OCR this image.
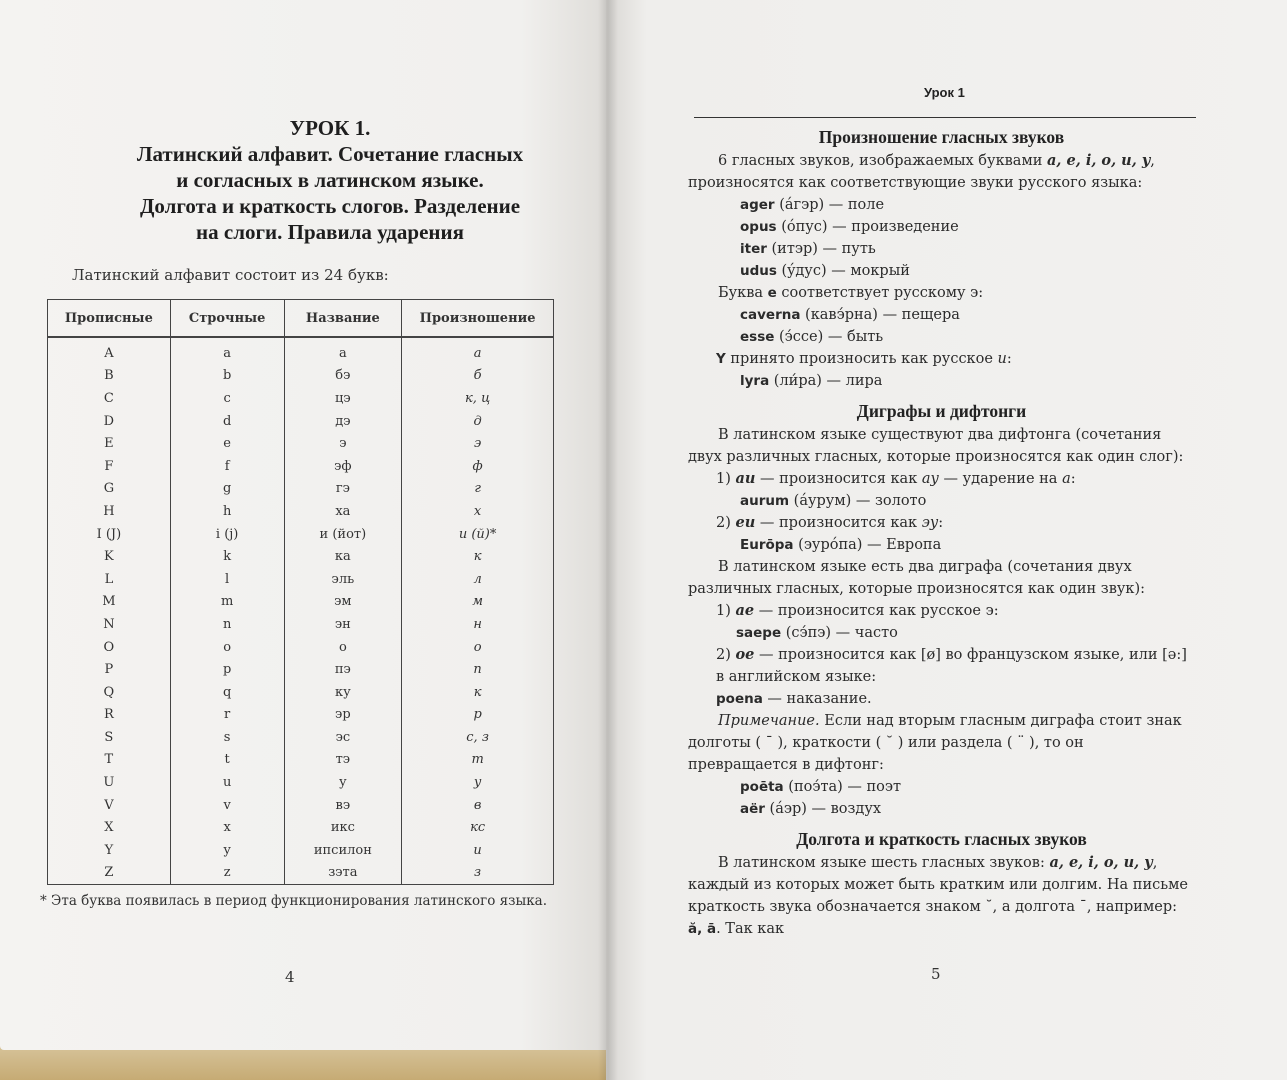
УРОК 1.
Латинский алфавит. Сочетание гласных
и согласных в латинском языке.
Долгота и краткость слогов. Разделение
на слоги. Правила ударения
Латинский алфавит состоит из 24 букв:
Прописные	Строчные	Название	Произношение
A	a	а	а
B	b	бэ	б
C	c	цэ	к, ц
D	d	дэ	д
E	e	э	э
F	f	эф	ф
G	g	гэ	г
H	h	ха	х
I (J)	i (j)	и (йот)	и (й)*
K	k	ка	к
L	l	эль	л
M	m	эм	м
N	n	эн	н
O	o	о	о
P	p	пэ	п
Q	q	ку	к
R	r	эр	р
S	s	эс	с, з
T	t	тэ	т
U	u	у	у
V	v	вэ	в
X	x	икс	кс
Y	y	ипсилон	и
Z	z	зэта	з
* Эта буква появилась в период функционирования латинского языка.
4
Урок 1
Произношение гласных звуков

6 гласных звуков, изображаемых буквами a, e, i, o, u, y, произносятся как соответствующие звуки русского языка:

ager (áгэр) — поле

opus (óпус) — произведение

iter (итэр) — путь

udus (ýдус) — мокрый

Буква e соответствует русскому э:

caverna (кавэ́рна) — пещера

esse (э́ссе) — быть

Y принято произносить как русское и:

lyra (ли́ра) — лира

Диграфы и дифтонги

В латинском языке существуют два дифтонга (сочетания двух различных гласных, которые произносятся как один слог):

1) au — произносится как ау — ударение на а:

aurum (áурум) — золото

2) eu — произносится как эу:

Eurōpa (эурóпа) — Европа

В латинском языке есть два диграфа (сочетания двух различных гласных, которые произносятся как один звук):

1) ae — произносится как русское э:

saepe (сэ́пэ) — часто

2) oe — произносится как [ø] во французском языке, или [ə:] в английском языке:

poena — наказание.

Примечание. Если над вторым гласным диграфа стоит знак долготы ( ¯ ), краткости ( ˘ ) или раздела ( ¨ ), то он превращается в дифтонг:

poēta (поэ́та) — поэт

aër (áэр) — воздух

Долгота и краткость гласных звуков

В латинском языке шесть гласных звуков: a, e, i, o, u, y, каждый из которых может быть кратким или долгим. На письме краткость звука обозначается знаком ˘, а долгота ¯, например: ă, ā. Так как

5
